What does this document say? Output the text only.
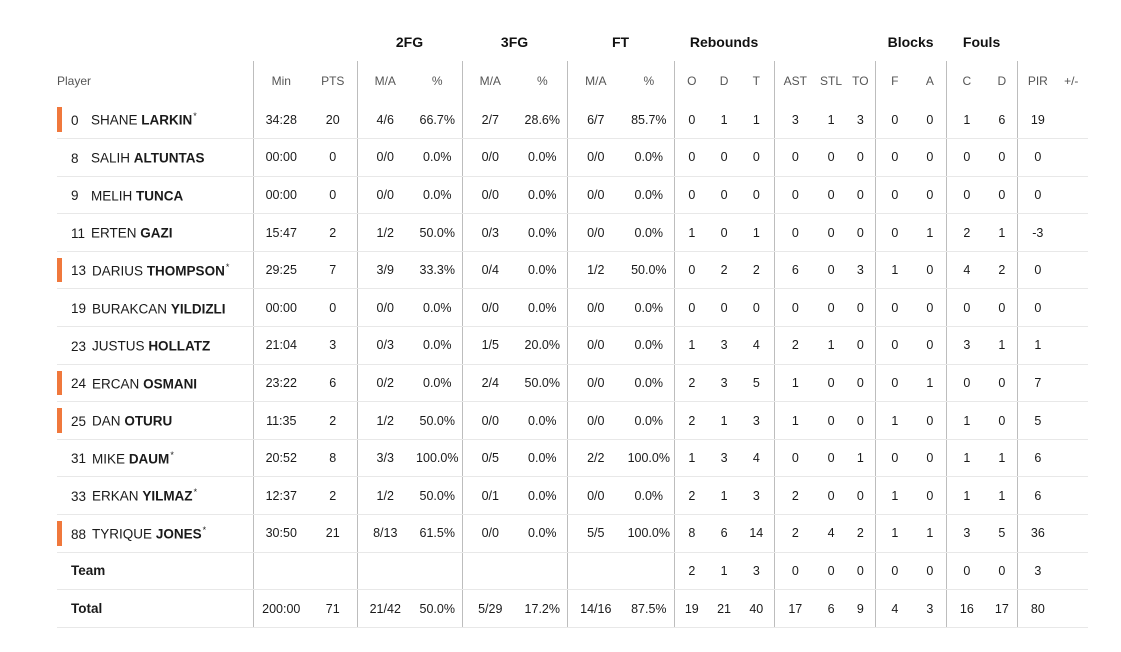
			2FG		3FG		FT		Rebounds						Blocks		Fouls			
Player	Min	PTS	M/A	%	M/A	%	M/A	%	O	D	T	AST	STL	TO	F	A	C	D	PIR	+/-

0 SHANE LARKIN*	34:28	20	4/6	66.7%	2/7	28.6%	6/7	85.7%	0	1	1	3	1	3	0	0	1	6	19	
8 SALIH ALTUNTAS	00:00	0	0/0	0.0%	0/0	0.0%	0/0	0.0%	0	0	0	0	0	0	0	0	0	0	0	
9 MELIH TUNCA	00:00	0	0/0	0.0%	0/0	0.0%	0/0	0.0%	0	0	0	0	0	0	0	0	0	0	0	
11 ERTEN GAZI	15:47	2	1/2	50.0%	0/3	0.0%	0/0	0.0%	1	0	1	0	0	0	0	1	2	1	-3	

13 DARIUS THOMPSON*	29:25	7	3/9	33.3%	0/4	0.0%	1/2	50.0%	0	2	2	6	0	3	1	0	4	2	0	
19 BURAKCAN YILDIZLI	00:00	0	0/0	0.0%	0/0	0.0%	0/0	0.0%	0	0	0	0	0	0	0	0	0	0	0	
23 JUSTUS HOLLATZ	21:04	3	0/3	0.0%	1/5	20.0%	0/0	0.0%	1	3	4	2	1	0	0	0	3	1	1	

24 ERCAN OSMANI	23:22	6	0/2	0.0%	2/4	50.0%	0/0	0.0%	2	3	5	1	0	0	0	1	0	0	7	

25 DAN OTURU	11:35	2	1/2	50.0%	0/0	0.0%	0/0	0.0%	2	1	3	1	0	0	1	0	1	0	5	
31 MIKE DAUM*	20:52	8	3/3	100.0%	0/5	0.0%	2/2	100.0%	1	3	4	0	0	1	0	0	1	1	6	
33 ERKAN YILMAZ*	12:37	2	1/2	50.0%	0/1	0.0%	0/0	0.0%	2	1	3	2	0	0	1	0	1	1	6	

88 TYRIQUE JONES*	30:50	21	8/13	61.5%	0/0	0.0%	5/5	100.0%	8	6	14	2	4	2	1	1	3	5	36	
Team									2	1	3	0	0	0	0	0	0	0	3	
Total	200:00	71	21/42	50.0%	5/29	17.2%	14/16	87.5%	19	21	40	17	6	9	4	3	16	17	80	
